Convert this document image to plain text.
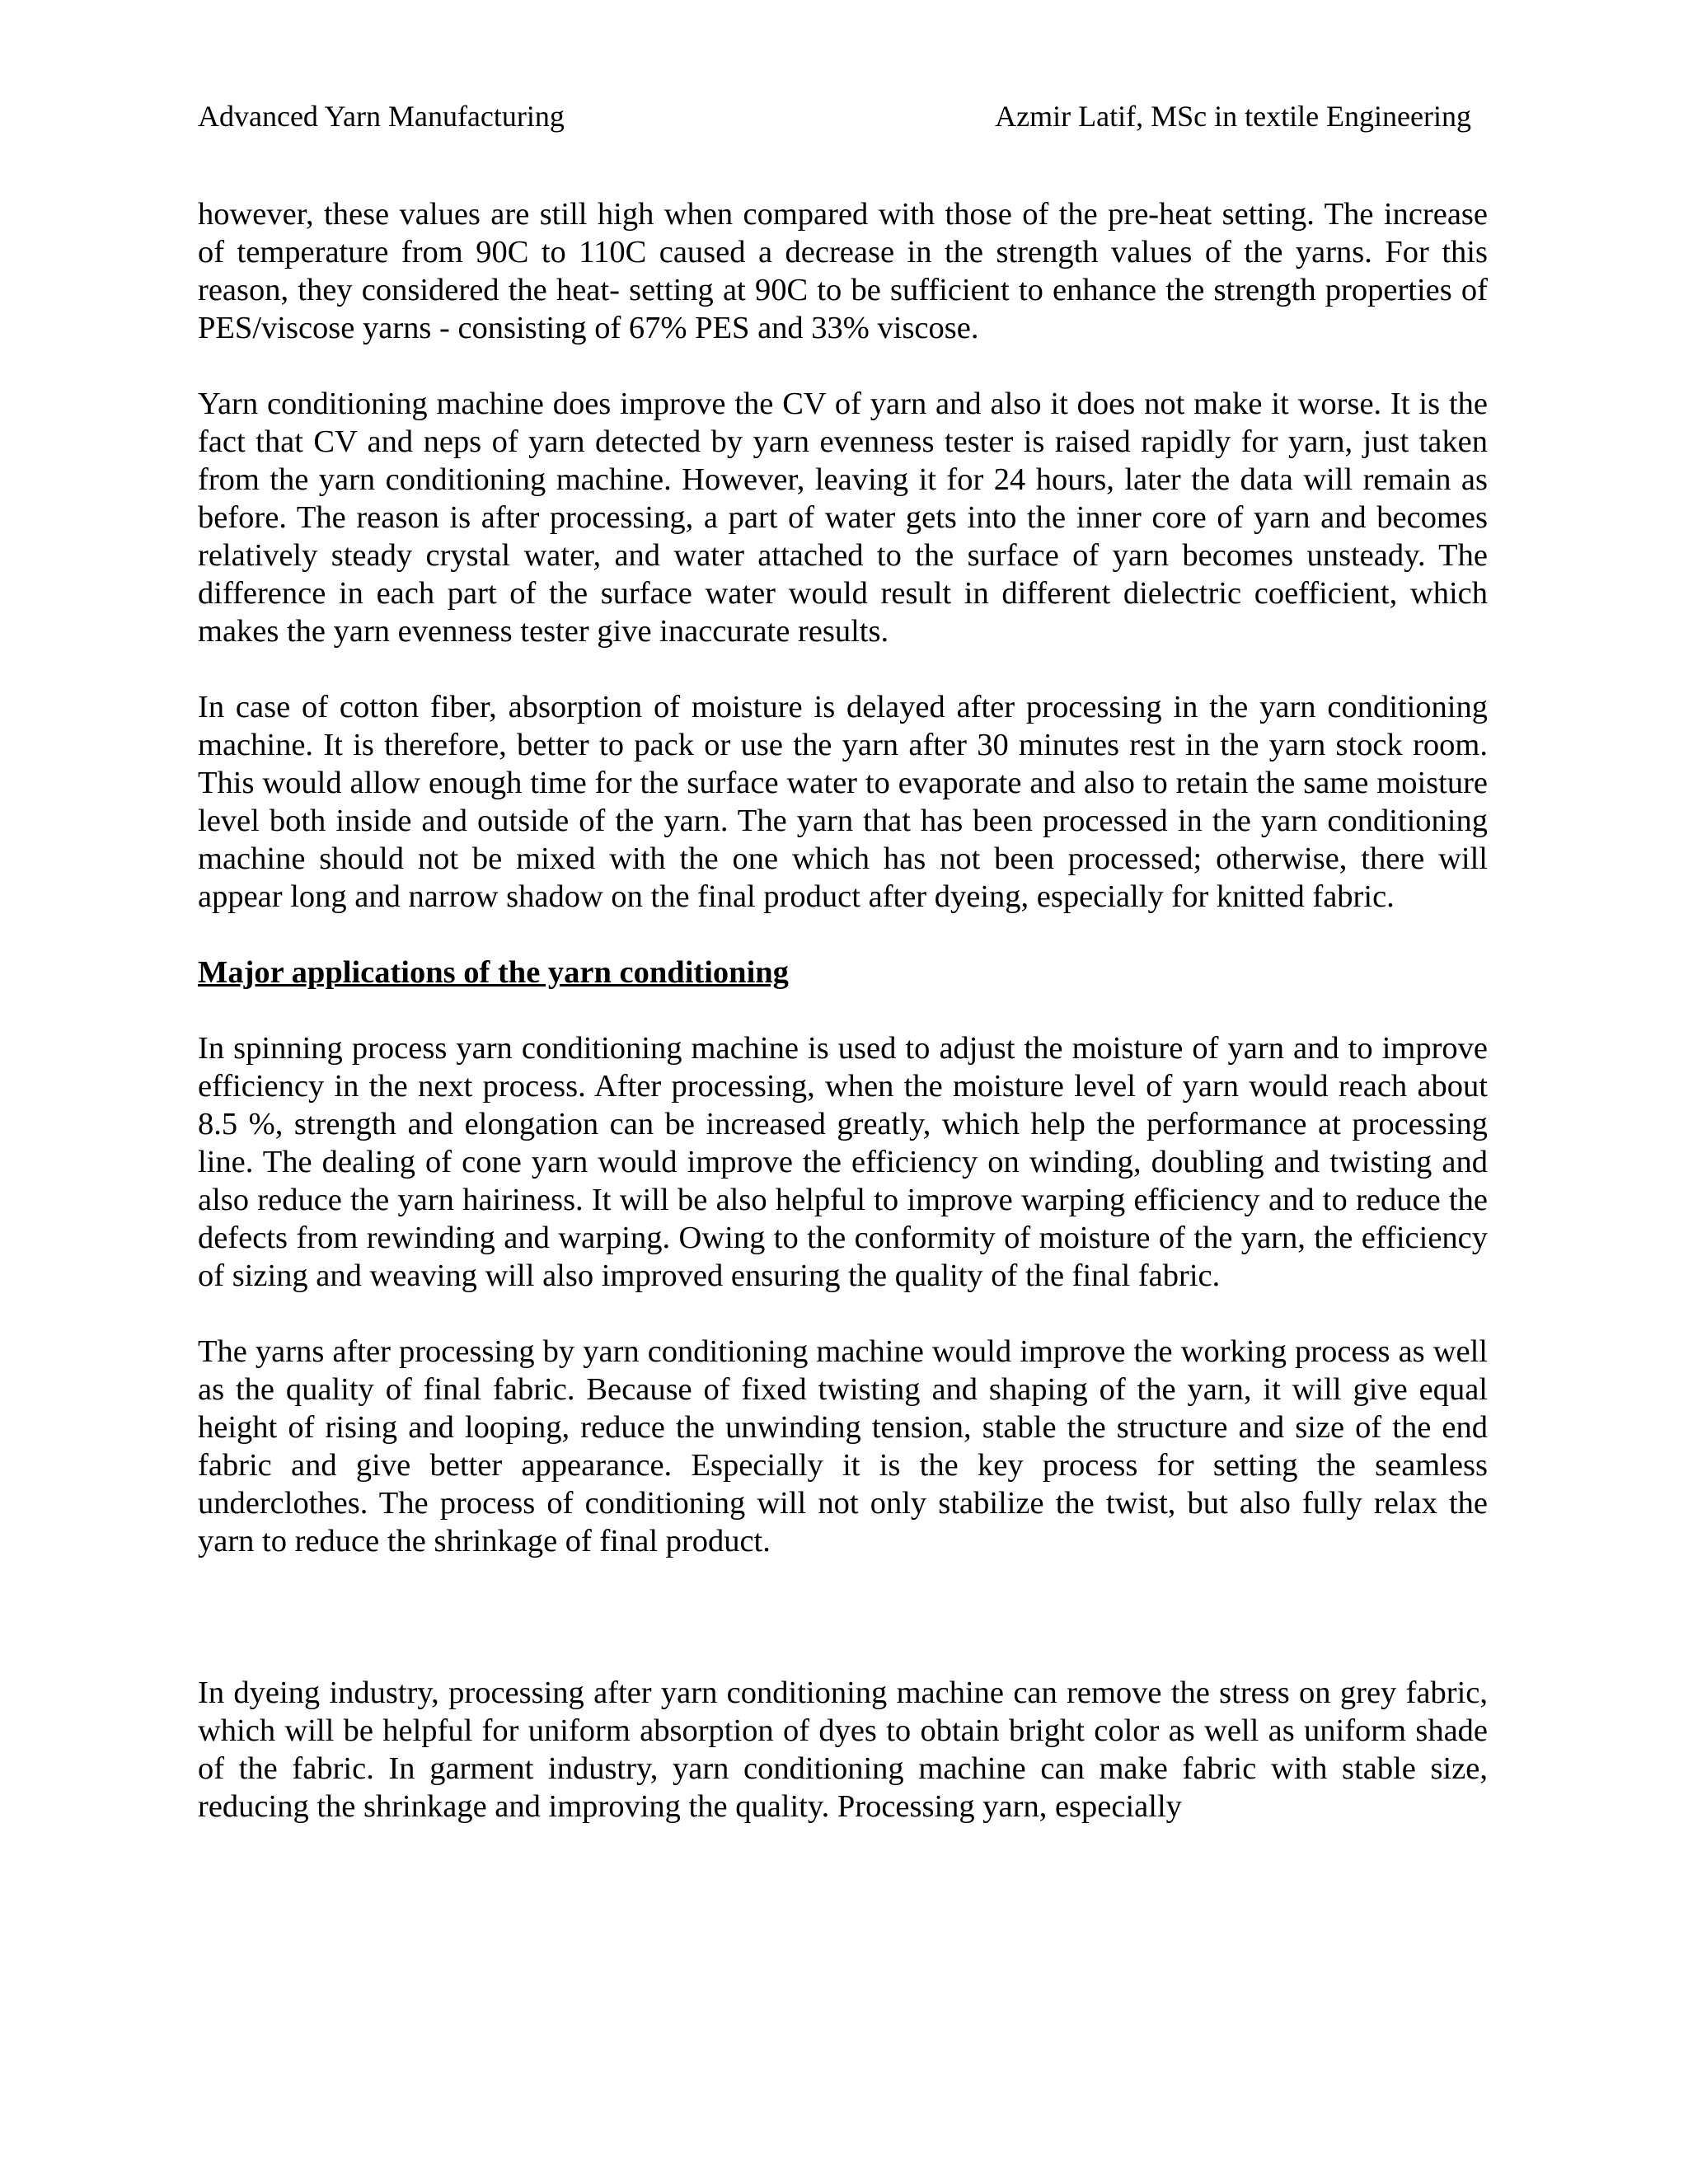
Advanced Yarn Manufacturing	Azmir Latif, MSc in textile Engineering

however, these values are still high when compared with those of the pre-heat setting. The increase of temperature from 90C to 110C caused a decrease in the strength values of the yarns. For this reason, they considered the heat- setting at 90C to be sufficient to enhance the strength properties of PES/viscose yarns - consisting of 67% PES and 33% viscose.

Yarn conditioning machine does improve the CV of yarn and also it does not make it worse. It is the fact that CV and neps of yarn detected by yarn evenness tester is raised rapidly for yarn, just taken from the yarn conditioning machine. However, leaving it for 24 hours, later the data will remain as before. The reason is after processing, a part of water gets into the inner core of yarn and becomes relatively steady crystal water, and water attached to the surface of yarn becomes unsteady. The difference in each part of the surface water would result in different dielectric coefficient, which makes the yarn evenness tester give inaccurate results.

In case of cotton fiber, absorption of moisture is delayed after processing in the yarn conditioning machine. It is therefore, better to pack or use the yarn after 30 minutes rest in the yarn stock room. This would allow enough time for the surface water to evaporate and also to retain the same moisture level both inside and outside of the yarn. The yarn that has been processed in the yarn conditioning machine should not be mixed with the one which has not been processed; otherwise, there will appear long and narrow shadow on the final product after dyeing, especially for knitted fabric.

Major applications of the yarn conditioning

In spinning process yarn conditioning machine is used to adjust the moisture of yarn and to improve efficiency in the next process. After processing, when the moisture level of yarn would reach about 8.5 %, strength and elongation can be increased greatly, which help the performance at processing line. The dealing of cone yarn would improve the efficiency on winding, doubling and twisting and also reduce the yarn hairiness. It will be also helpful to improve warping efficiency and to reduce the defects from rewinding and warping. Owing to the conformity of moisture of the yarn, the efficiency of sizing and weaving will also improved ensuring the quality of the final fabric.

The yarns after processing by yarn conditioning machine would improve the working process as well as the quality of final fabric. Because of fixed twisting and shaping of the yarn, it will give equal height of rising and looping, reduce the unwinding tension, stable the structure and size of the end fabric and give better appearance. Especially it is the key process for setting the seamless underclothes. The process of conditioning will not only stabilize the twist, but also fully relax the yarn to reduce the shrinkage of final product.

In dyeing industry, processing after yarn conditioning machine can remove the stress on grey fabric, which will be helpful for uniform absorption of dyes to obtain bright color as well as uniform shade of the fabric. In garment industry, yarn conditioning machine can make fabric with stable size, reducing the shrinkage and improving the quality. Processing yarn, especially
